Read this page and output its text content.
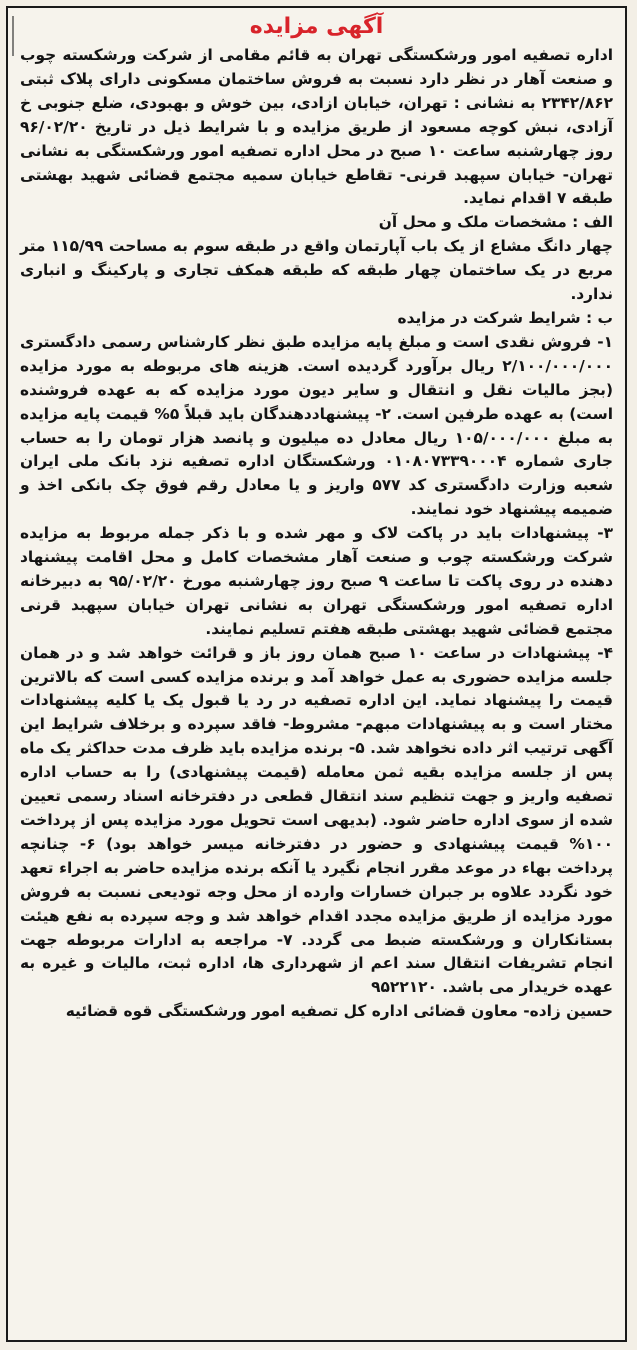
آگهی مزایده

اداره تصفیه امور ورشکستگی تهران به قائم مقامی از شرکت ورشکسته چوب و صنعت آهار در نظر دارد نسبت به فروش ساختمان مسکونی دارای پلاک ثبتی ۲۳۴۲/۸۶۲ به نشانی : تهران، خیابان ازادی، بین خوش و بهبودی، ضلع جنوبی خ آزادی، نبش کوچه مسعود از طریق مزایده و با شرایط ذیل در تاریخ ۹۶/۰۲/۲۰ روز چهارشنبه ساعت ۱۰ صبح در محل اداره تصفیه امور ورشکستگی به نشانی تهران- خیابان سپهبد قرنی- تقاطع خیابان سمیه مجتمع قضائی شهید بهشتی طبقه ۷ اقدام نماید.

الف : مشخصات ملک و محل آن

چهار دانگ مشاع از یک باب آپارتمان واقع در طبقه سوم به مساحت ۱۱۵/۹۹ متر مربع در یک ساختمان چهار طبقه که طبقه همکف تجاری و پارکینگ و انباری ندارد.

ب : شرایط شرکت در مزایده

۱- فروش نقدی است و مبلغ پایه مزایده طبق نظر کارشناس رسمی دادگستری ۲/۱۰۰/۰۰۰/۰۰۰ ریال برآورد گردیده است. هزینه های مربوطه به مورد مزایده (بجز مالیات نقل و انتقال و سایر دیون مورد مزایده که به عهده فروشنده است) به عهده طرفین است. ۲- پیشنهاددهندگان باید قبلاً ۵% قیمت پایه مزایده به مبلغ ۱۰۵/۰۰۰/۰۰۰ ریال معادل ده میلیون و پانصد هزار تومان را به حساب جاری شماره ۰۱۰۸۰۷۳۳۹۰۰۰۴ ورشکستگان اداره تصفیه نزد بانک ملی ایران شعبه وزارت دادگستری کد ۵۷۷ واریز و یا معادل رقم فوق چک بانکی اخذ و ضمیمه پیشنهاد خود نمایند.

۳- پیشنهادات باید در پاکت لاک و مهر شده و با ذکر جمله مربوط به مزایده شرکت ورشکسته چوب و صنعت آهار مشخصات کامل و محل اقامت پیشنهاد دهنده در روی پاکت تا ساعت ۹ صبح روز چهارشنبه مورخ ۹۵/۰۲/۲۰ به دبیرخانه اداره تصفیه امور ورشکستگی تهران به نشانی تهران خیابان سپهبد قرنی مجتمع قضائی شهید بهشتی طبقه هفتم تسلیم نمایند.

۴- پیشنهادات در ساعت ۱۰ صبح همان روز باز و قرائت خواهد شد و در همان جلسه مزایده حضوری به عمل خواهد آمد و برنده مزایده کسی است که بالاترین قیمت را پیشنهاد نماید. این اداره تصفیه در رد یا قبول یک یا کلیه پیشنهادات مختار است و به پیشنهادات مبهم- مشروط- فاقد سپرده و برخلاف شرایط این آگهی ترتیب اثر داده نخواهد شد. ۵- برنده مزایده باید ظرف مدت حداکثر یک ماه پس از جلسه مزایده بقیه ثمن معامله (قیمت پیشنهادی) را به حساب اداره تصفیه واریز و جهت تنظیم سند انتقال قطعی در دفترخانه اسناد رسمی تعیین شده از سوی اداره حاضر شود. (بدیهی است تحویل مورد مزایده پس از پرداخت ۱۰۰% قیمت پیشنهادی و حضور در دفترخانه میسر خواهد بود) ۶- چنانچه پرداخت بهاء در موعد مقرر انجام نگیرد یا آنکه برنده مزایده حاضر به اجراء تعهد خود نگردد علاوه بر جبران خسارات وارده از محل وجه تودیعی نسبت به فروش مورد مزایده از طریق مزایده مجدد اقدام خواهد شد و وجه سپرده به نفع هیئت بستانکاران و ورشکسته ضبط می گردد. ۷- مراجعه به ادارات مربوطه جهت انجام تشریفات انتقال سند اعم از شهرداری ها، اداره ثبت، مالیات و غیره به عهده خریدار می باشد. ۹۵۲۲۱۲۰

حسین زاده- معاون قضائی اداره کل تصفیه امور ورشکستگی قوه قضائیه
